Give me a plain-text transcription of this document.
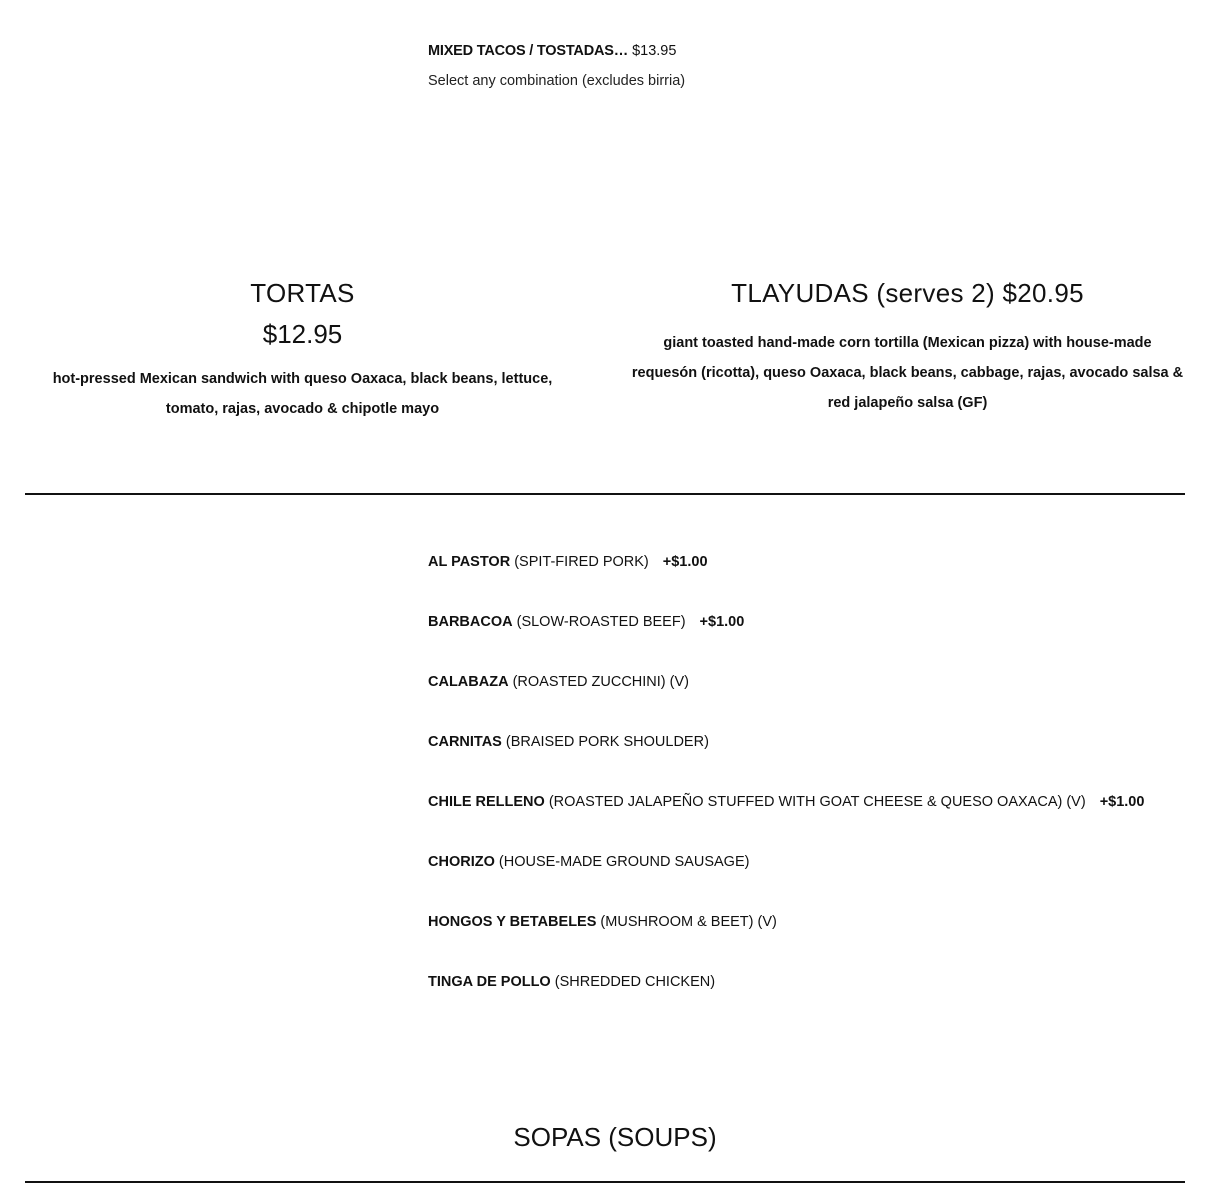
MIXED TACOS / TOSTADAS… $13.95
Select any combination (excludes birria)
TORTAS

$12.95

hot-pressed Mexican sandwich with queso Oaxaca, black beans, lettuce, tomato, rajas, avocado & chipotle mayo

TLAYUDAS (serves 2) $20.95

giant toasted hand-made corn tortilla (Mexican pizza) with house-made requesón (ricotta), queso Oaxaca, black beans, cabbage, rajas, avocado salsa & red jalapeño salsa (GF)

AL PASTOR (SPIT-FIRED PORK) +$1.00
BARBACOA (SLOW-ROASTED BEEF) +$1.00
CALABAZA (ROASTED ZUCCHINI) (V)
CARNITAS (BRAISED PORK SHOULDER)
CHILE RELLENO (ROASTED JALAPEÑO STUFFED WITH GOAT CHEESE & QUESO OAXACA) (V) +$1.00
CHORIZO (HOUSE-MADE GROUND SAUSAGE)
HONGOS Y BETABELES (MUSHROOM & BEET) (V)
TINGA DE POLLO (SHREDDED CHICKEN)
SOPAS (SOUPS)
